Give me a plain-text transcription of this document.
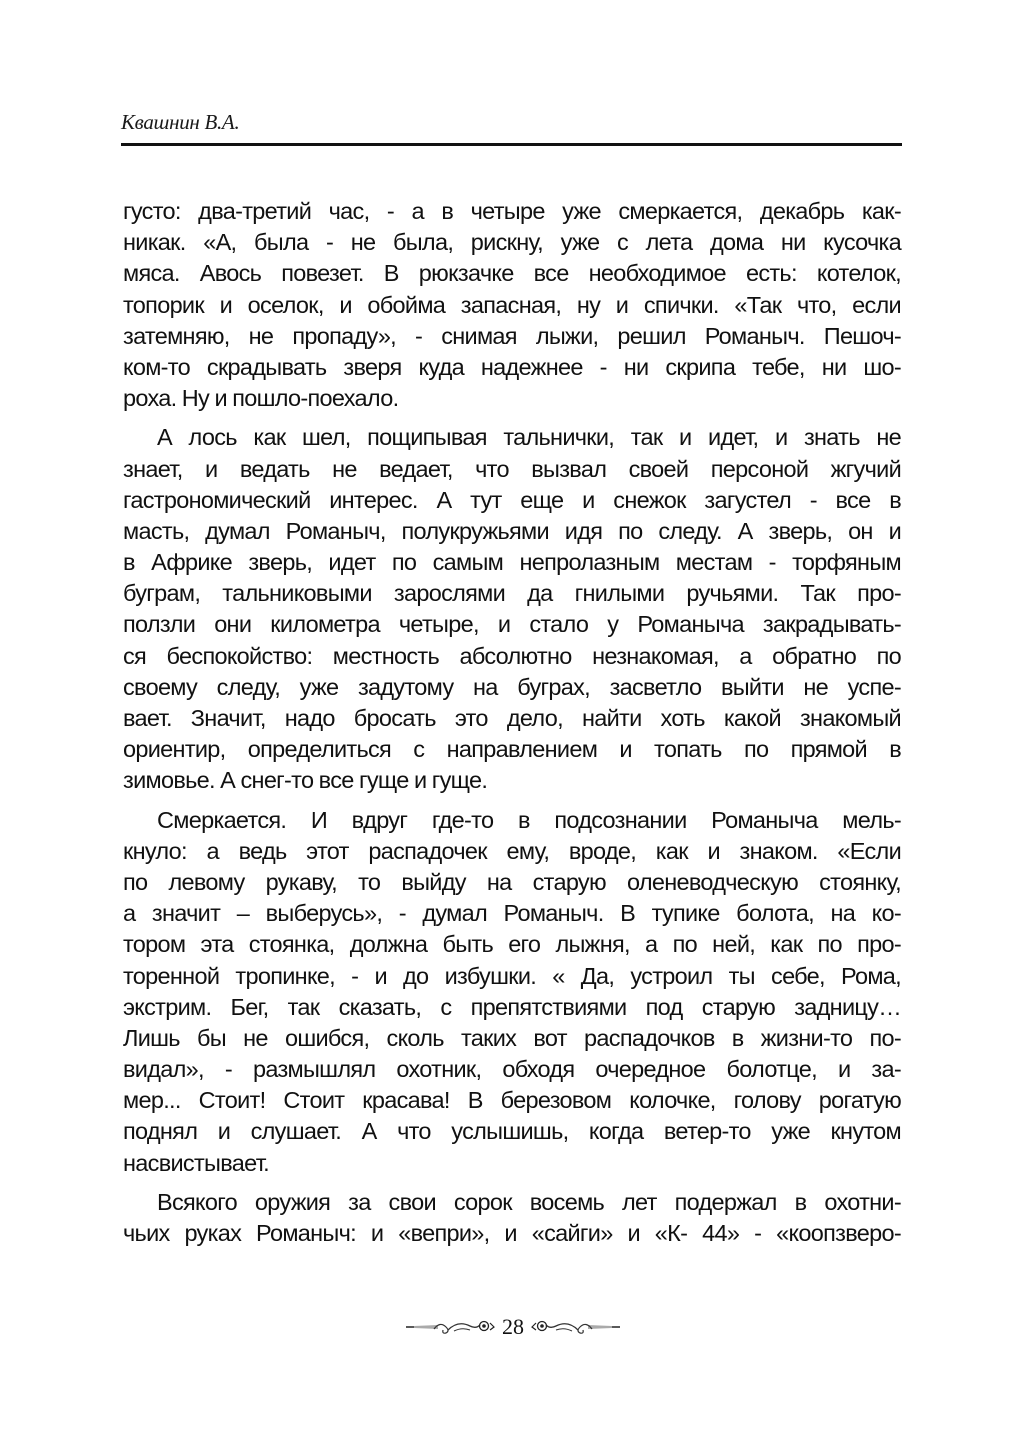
Квашнин В.А.
густо: два-третий час, - а в четыре уже смеркается, декабрь как-
никак. «А, была - не была, рискну, уже с лета дома ни кусочка
мяса. Авось повезет. В рюкзачке все необходимое есть: котелок,
топорик и оселок, и обойма запасная, ну и спички. «Так что, если
затемняю, не пропаду», - снимая лыжи, решил Романыч. Пешоч-
ком-то скрадывать зверя куда надежнее - ни скрипа тебе, ни шо-
роха. Ну и пошло-поехало.
А лось как шел, пощипывая тальнички, так и идет, и знать не
знает, и ведать не ведает, что вызвал своей персоной жгучий
гастрономический интерес. А тут еще и снежок загустел - все в
масть, думал Романыч, полукружьями идя по следу. А зверь, он и
в Африке зверь, идет по самым непролазным местам - торфяным
буграм, тальниковыми зарослями да гнилыми ручьями. Так про-
ползли они километра четыре, и стало у Романыча закрадывать-
ся беспокойство: местность абсолютно незнакомая, а обратно по
своему следу, уже задутому на буграх, засветло выйти не успе-
вает. Значит, надо бросать это дело, найти хоть какой знакомый
ориентир, определиться с направлением и топать по прямой в
зимовье. А снег-то все гуще и гуще.
Смеркается. И вдруг где-то в подсознании Романыча мель-
кнуло: а ведь этот распадочек ему, вроде, как и знаком. «Если
по левому рукаву, то выйду на старую оленеводческую стоянку,
а значит – выберусь», - думал Романыч. В тупике болота, на ко-
тором эта стоянка, должна быть его лыжня, а по ней, как по про-
торенной тропинке, - и до избушки. « Да, устроил ты себе, Рома,
экстрим. Бег, так сказать, с препятствиями под старую задницу…
Лишь бы не ошибся, сколь таких вот распадочков в жизни-то по-
видал», - размышлял охотник, обходя очередное болотце, и за-
мер... Стоит! Стоит красава! В березовом колочке, голову рогатую
поднял и слушает. А что услышишь, когда ветер-то уже кнутом
насвистывает.
Всякого оружия за свои сорок восемь лет подержал в охотни-
чьих руках Романыч: и «вепри», и «сайги» и «К- 44» - «коопзверо-
28
